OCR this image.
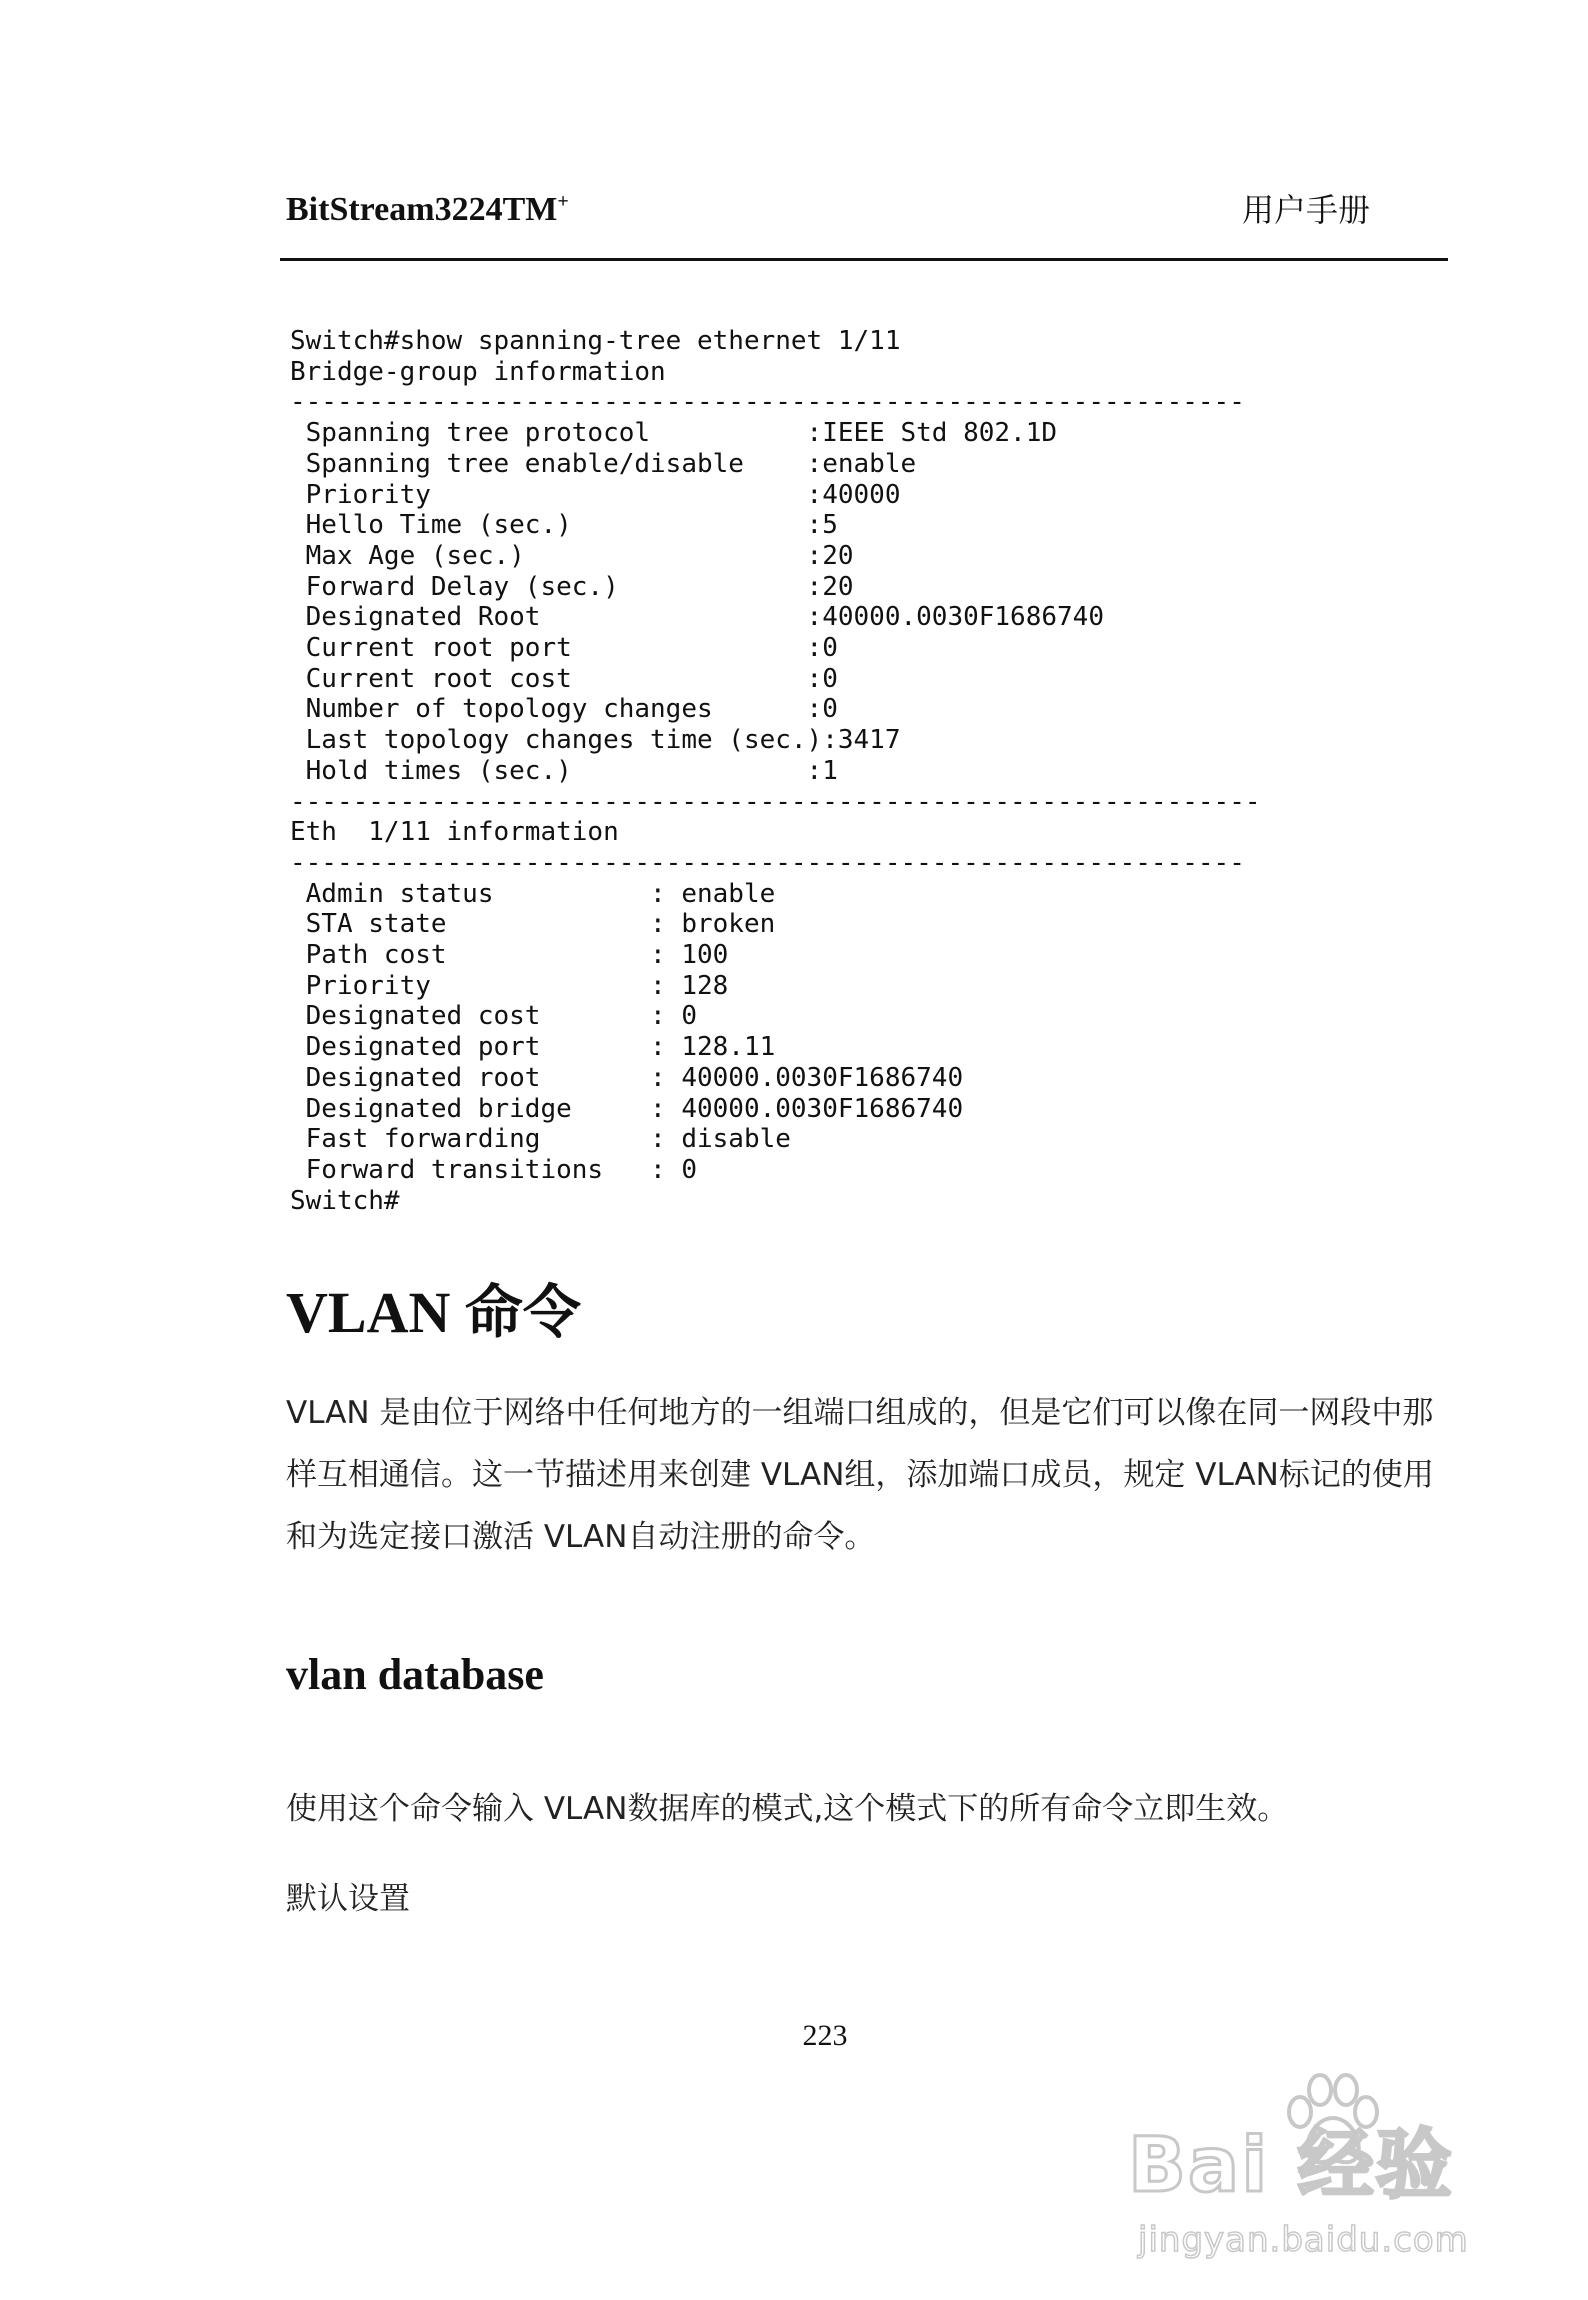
BitStream3224TM+	用户手册
Switch#show spanning-tree ethernet 1/11
Bridge-group information
-------------------------------------------------------------
Spanning tree protocol          :IEEE Std 802.1D
Spanning tree enable/disable    :enable
Priority                        :40000
Hello Time (sec.)               :5
Max Age (sec.)                  :20
Forward Delay (sec.)            :20
Designated Root                 :40000.0030F1686740
Current root port               :0
Current root cost               :0
Number of topology changes      :0
Last topology changes time (sec.):3417
Hold times (sec.)               :1
--------------------------------------------------------------
Eth  1/11 information
-------------------------------------------------------------
Admin status          : enable
STA state             : broken
Path cost             : 100
Priority              : 128
Designated cost       : 0
Designated port       : 128.11
Designated root       : 40000.0030F1686740
Designated bridge     : 40000.0030F1686740
Fast forwarding       : disable
Forward transitions   : 0
Switch#
VLAN 命令
VLAN 是由位于网络中任何地方的一组端口组成的，但是它们可以像在同一网段中那样互相通信。这一节描述用来创建 VLAN组，添加端口成员，规定 VLAN标记的使用和为选定接口激活 VLAN自动注册的命令。
vlan database
使用这个命令输入 VLAN数据库的模式,这个模式下的所有命令立即生效。
默认设置
223
Bai 经验
jingyan.baidu.com
